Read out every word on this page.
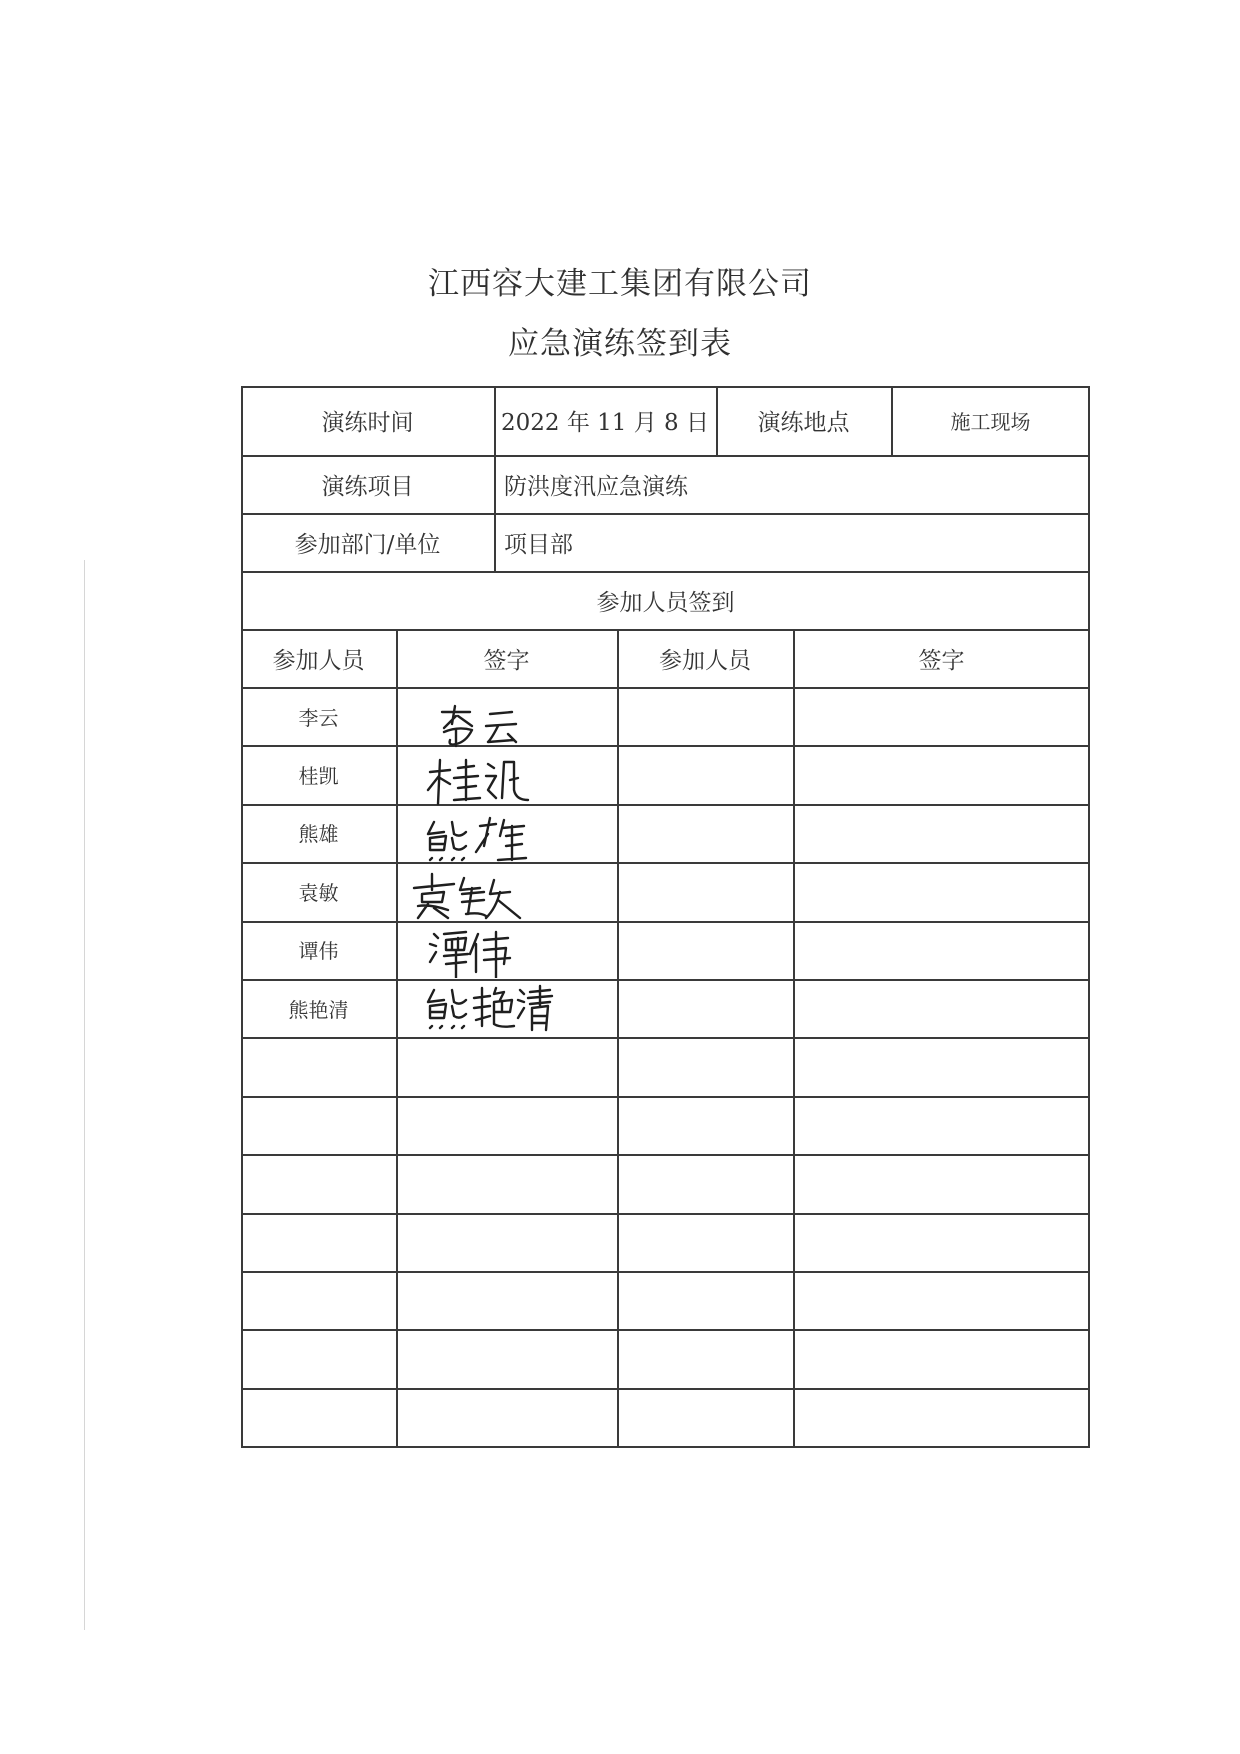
江西容大建工集团有限公司
应急演练签到表
演练时间	2022 年 11 月 8 日	演练地点	施工现场
演练项目	防洪度汛应急演练
参加部门/单位	项目部
参加人员签到
参加人员	签字	参加人员	签字
李云
桂凯
熊雄
袁敏
谭伟
熊艳清
